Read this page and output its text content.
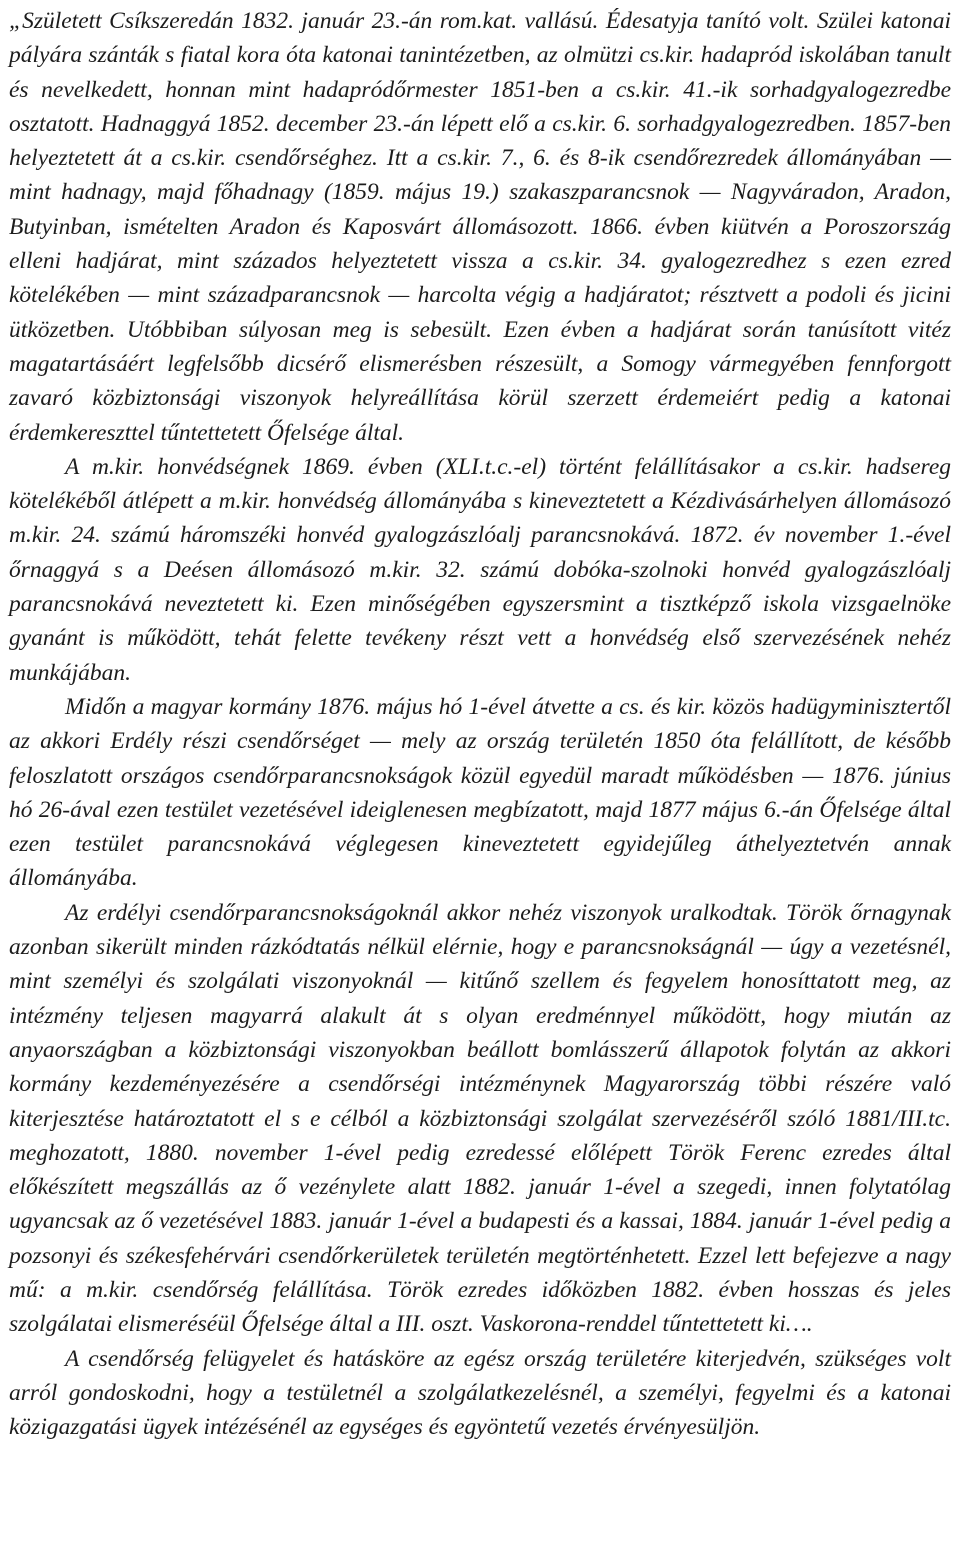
„Született Csíkszeredán 1832. január 23.-án rom.kat. vallású. Édesatyja tanító volt. Szülei katonai pályára szánták s fiatal kora óta katonai tanintézetben, az olmützi cs.kir. hadapród iskolában tanult és nevelkedett, honnan mint hadapródőrmester 1851-ben a cs.kir. 41.-ik sorhadgyalogezredbe osztatott. Hadnaggyá 1852. december 23.-án lépett elő a cs.kir. 6. sorhadgyalogezredben. 1857-ben helyeztetett át a cs.kir. csendőrséghez. Itt a cs.kir. 7., 6. és 8-ik csendőrezredek állományában — mint hadnagy, majd főhadnagy (1859. május 19.) szakaszparancsnok — Nagyváradon, Aradon, Butyinban, ismételten Aradon és Kaposvárt állomásozott. 1866. évben kiütvén a Poroszország elleni hadjárat, mint százados helyeztetett vissza a cs.kir. 34. gyalogezredhez s ezen ezred kötelékében — mint századparancsnok — harcolta végig a hadjáratot; résztvett a podoli és jicini ütközetben. Utóbbiban súlyosan meg is sebesült. Ezen évben a hadjárat során tanúsított vitéz magatartásáért legfelsőbb dicsérő elismerésben részesült, a Somogy vármegyében fennforgott zavaró közbiztonsági viszonyok helyreállítása körül szerzett érdemeiért pedig a katonai érdemkereszttel tűntettetett Őfelsége által.

A m.kir. honvédségnek 1869. évben (XLI.t.c.-el) történt felállításakor a cs.kir. hadsereg kötelékéből átlépett a m.kir. honvédség állományába s kineveztetett a Kézdivásárhelyen állomásozó m.kir. 24. számú háromszéki honvéd gyalogzászlóalj parancsnokává. 1872. év november 1.-ével őrnaggyá s a Deésen állomásozó m.kir. 32. számú dobóka-szolnoki honvéd gyalogzászlóalj parancsnokává neveztetett ki. Ezen minőségében egyszersmint a tisztképző iskola vizsgaelnöke gyanánt is működött, tehát felette tevékeny részt vett a honvédség első szervezésének nehéz munkájában.

Midőn a magyar kormány 1876. május hó 1-ével átvette a cs. és kir. közös hadügyminisztertől az akkori Erdély részi csendőrséget — mely az ország területén 1850 óta felállított, de később feloszlatott országos csendőrparancsnokságok közül egyedül maradt működésben — 1876. június hó 26-ával ezen testület vezetésével ideiglenesen megbízatott, majd 1877 május 6.-án Őfelsége által ezen testület parancsnokává véglegesen kineveztetett egyidejűleg áthelyeztetvén annak állományába.

Az erdélyi csendőrparancsnokságoknál akkor nehéz viszonyok uralkodtak. Török őrnagynak azonban sikerült minden rázkódtatás nélkül elérnie, hogy e parancsnokságnál — úgy a vezetésnél, mint személyi és szolgálati viszonyoknál — kitűnő szellem és fegyelem honosíttatott meg, az intézmény teljesen magyarrá alakult át s olyan eredménnyel működött, hogy miután az anyaországban a közbiztonsági viszonyokban beállott bomlásszerű állapotok folytán az akkori kormány kezdeményezésére a csendőrségi intézménynek Magyarország többi részére való kiterjesztése határoztatott el s e célból a közbiztonsági szolgálat szervezéséről szóló 1881/III.tc. meghozatott, 1880. november 1-ével pedig ezredessé előlépett Török Ferenc ezredes által előkészített megszállás az ő vezénylete alatt 1882. január 1-ével a szegedi, innen folytatólag ugyancsak az ő vezetésével 1883. január 1-ével a budapesti és a kassai, 1884. január 1-ével pedig a pozsonyi és székesfehérvári csendőrkerületek területén megtörténhetett. Ezzel lett befejezve a nagy mű: a m.kir. csendőrség felállítása. Török ezredes időközben 1882. évben hosszas és jeles szolgálatai elismeréséül Őfelsége által a III. oszt. Vaskorona-renddel tűntettetett ki….

A csendőrség felügyelet és hatásköre az egész ország területére kiterjedvén, szükséges volt arról gondoskodni, hogy a testületnél a szolgálatkezelésnél, a személyi, fegyelmi és a katonai közigazgatási ügyek intézésénél az egységes és egyöntetű vezetés érvényesüljön.
